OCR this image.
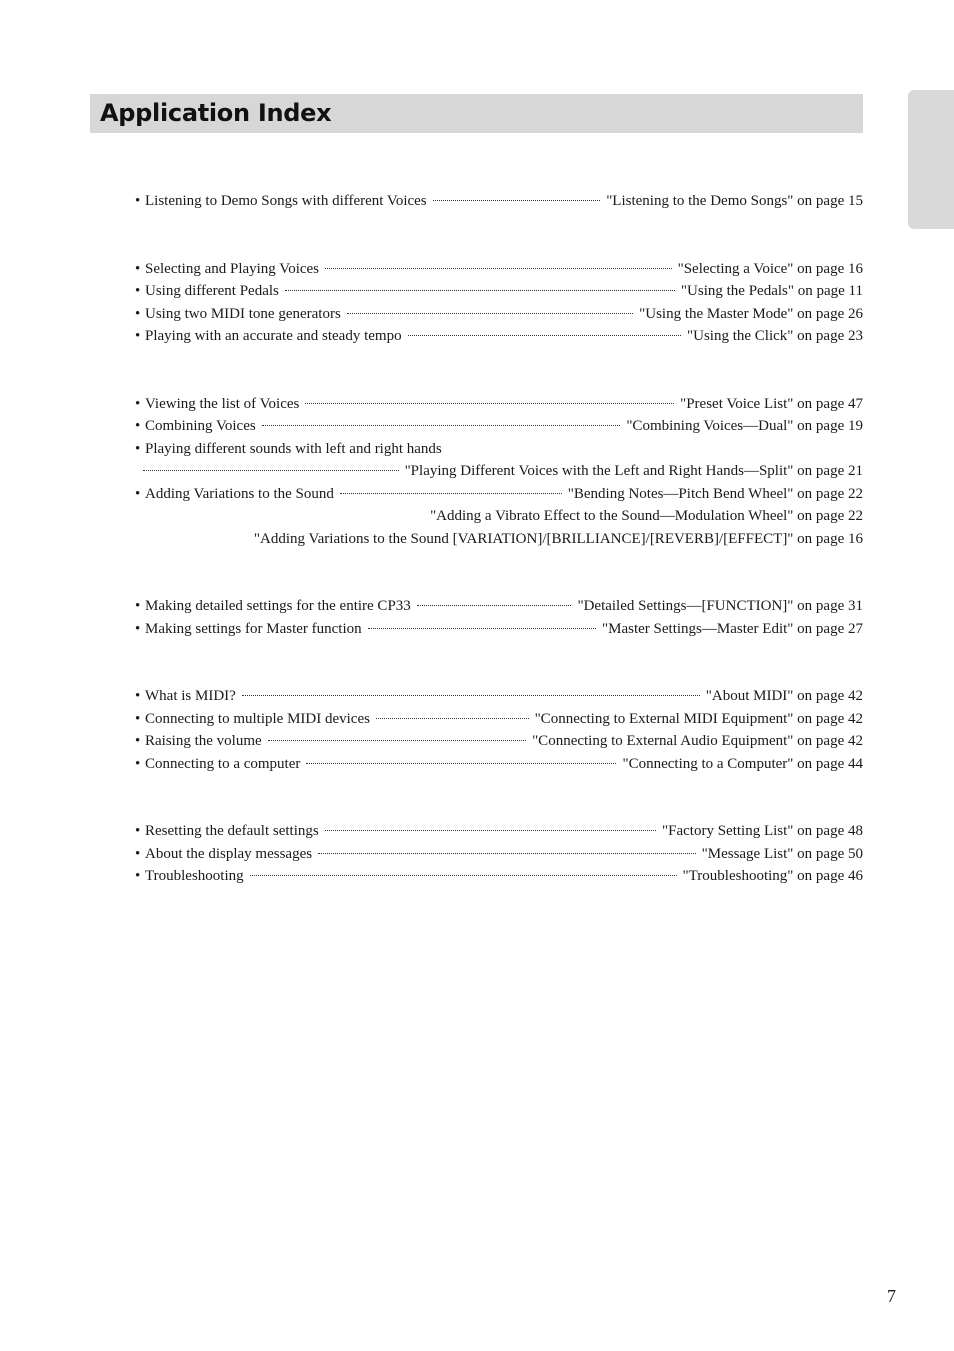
Application Index
• Listening to Demo Songs with different Voices	"Listening to the Demo Songs" on page 15
• Selecting and Playing Voices	"Selecting a Voice" on page 16
• Using different Pedals	"Using the Pedals" on page 11
• Using two MIDI tone generators	"Using the Master Mode" on page 26
• Playing with an accurate and steady tempo	"Using the Click" on page 23
• Viewing the list of Voices	"Preset Voice List" on page 47
• Combining Voices	"Combining Voices—Dual" on page 19
• Playing different sounds with left and right hands
"Playing Different Voices with the Left and Right Hands—Split" on page 21
• Adding Variations to the Sound	"Bending Notes—Pitch Bend Wheel" on page 22
"Adding a Vibrato Effect to the Sound—Modulation Wheel" on page 22
"Adding Variations to the Sound [VARIATION]/[BRILLIANCE]/[REVERB]/[EFFECT]" on page 16
• Making detailed settings for the entire CP33	"Detailed Settings—[FUNCTION]" on page 31
• Making settings for Master function	"Master Settings—Master Edit" on page 27
• What is MIDI?	"About MIDI" on page 42
• Connecting to multiple MIDI devices	"Connecting to External MIDI Equipment" on page 42
• Raising the volume	"Connecting to External Audio Equipment" on page 42
• Connecting to a computer	"Connecting to a Computer" on page 44
• Resetting the default settings	"Factory Setting List" on page 48
• About the display messages	"Message List" on page 50
• Troubleshooting	"Troubleshooting" on page 46
7
